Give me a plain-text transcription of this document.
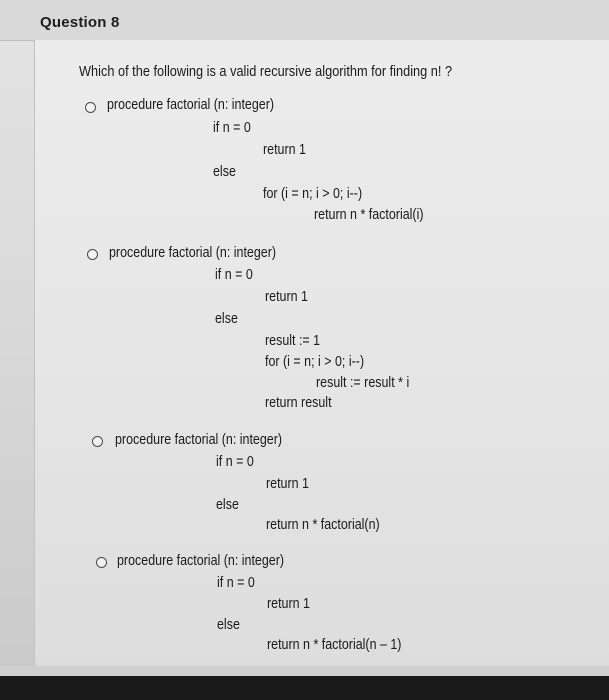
Question 8
Which of the following is a valid recursive algorithm for finding n! ?
procedure factorial (n: integer)
if n = 0
return 1
else
for (i = n; i > 0; i--)
return n * factorial(i)
procedure factorial (n: integer)
if n = 0
return 1
else
result := 1
for (i = n; i > 0; i--)
result := result * i
return result
procedure factorial (n: integer)
if n = 0
return 1
else
return n * factorial(n)
procedure factorial (n: integer)
if n = 0
return 1
else
return n * factorial(n – 1)
